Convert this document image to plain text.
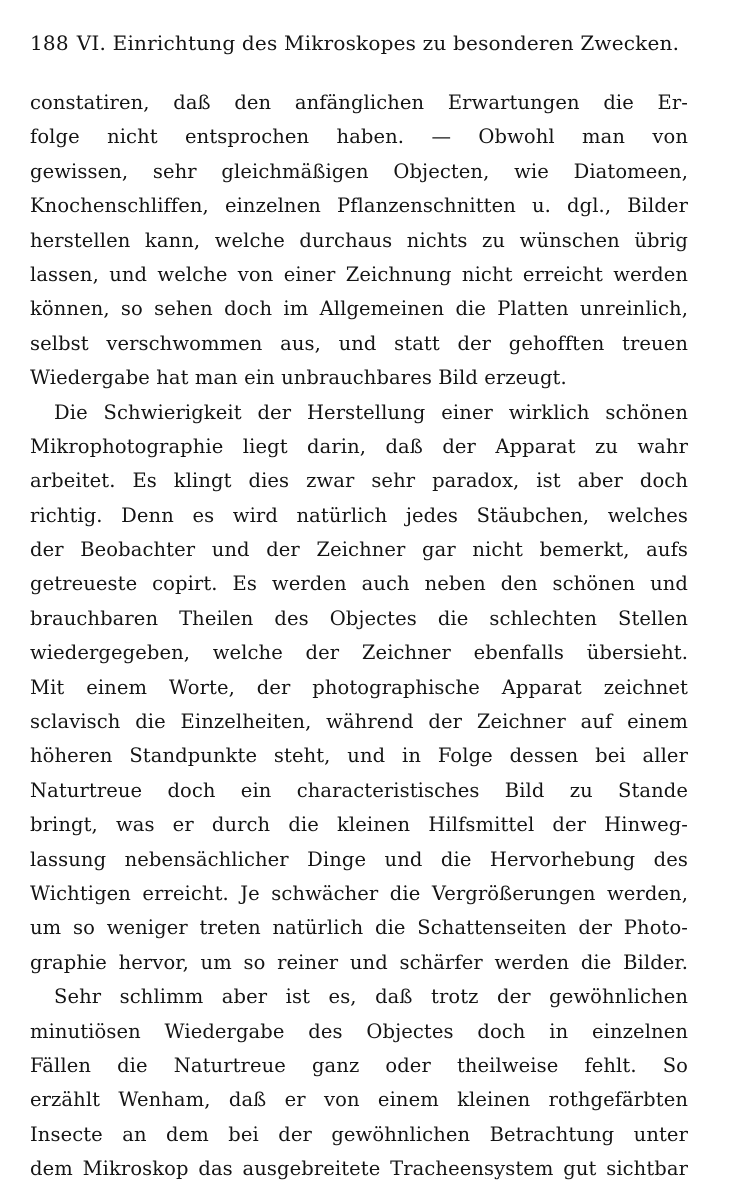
188 VI. Einrichtung des Mikroskopes zu besonderen Zwecken.
constatiren, daß den anfänglichen Erwartungen die Er-
folge nicht entsprochen haben. — Obwohl man von
gewissen, sehr gleichmäßigen Objecten, wie Diatomeen,
Knochenschliffen, einzelnen Pflanzenschnitten u. dgl., Bilder
herstellen kann, welche durchaus nichts zu wünschen übrig
lassen, und welche von einer Zeichnung nicht erreicht werden
können, so sehen doch im Allgemeinen die Platten unreinlich,
selbst verschwommen aus, und statt der gehofften treuen
Wiedergabe hat man ein unbrauchbares Bild erzeugt.
Die Schwierigkeit der Herstellung einer wirklich schönen
Mikrophotographie liegt darin, daß der Apparat zu wahr
arbeitet. Es klingt dies zwar sehr paradox, ist aber doch
richtig. Denn es wird natürlich jedes Stäubchen, welches
der Beobachter und der Zeichner gar nicht bemerkt, aufs
getreueste copirt. Es werden auch neben den schönen und
brauchbaren Theilen des Objectes die schlechten Stellen
wiedergegeben, welche der Zeichner ebenfalls übersieht.
Mit einem Worte, der photographische Apparat zeichnet
sclavisch die Einzelheiten, während der Zeichner auf einem
höheren Standpunkte steht, und in Folge dessen bei aller
Naturtreue doch ein characteristisches Bild zu Stande
bringt, was er durch die kleinen Hilfsmittel der Hinweg-
lassung nebensächlicher Dinge und die Hervorhebung des
Wichtigen erreicht. Je schwächer die Vergrößerungen werden,
um so weniger treten natürlich die Schattenseiten der Photo-
graphie hervor, um so reiner und schärfer werden die Bilder.
Sehr schlimm aber ist es, daß trotz der gewöhnlichen
minutiösen Wiedergabe des Objectes doch in einzelnen
Fällen die Naturtreue ganz oder theilweise fehlt. So
erzählt Wenham, daß er von einem kleinen rothgefärbten
Insecte an dem bei der gewöhnlichen Betrachtung unter
dem Mikroskop das ausgebreitete Tracheensystem gut sichtbar
